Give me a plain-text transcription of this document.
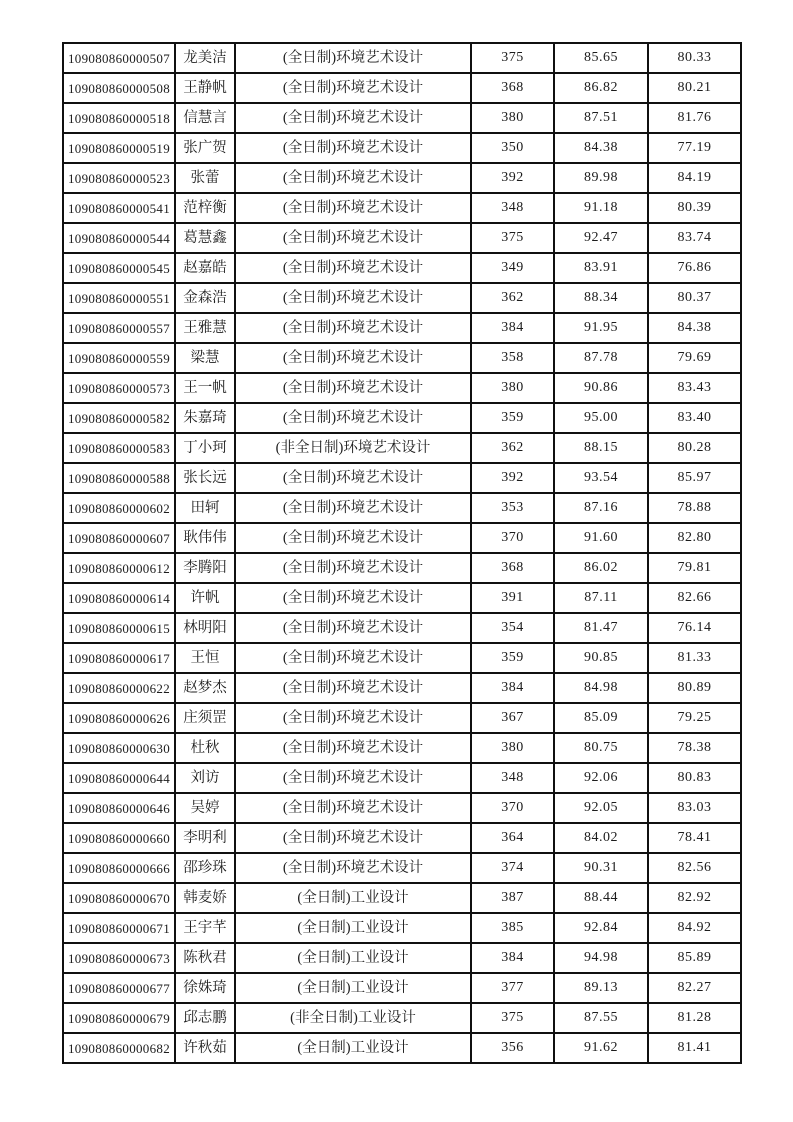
109080860000507	龙美洁	(全日制)环境艺术设计	375	85.65	80.33
109080860000508	王静帆	(全日制)环境艺术设计	368	86.82	80.21
109080860000518	信慧言	(全日制)环境艺术设计	380	87.51	81.76
109080860000519	张广贺	(全日制)环境艺术设计	350	84.38	77.19
109080860000523	张蕾	(全日制)环境艺术设计	392	89.98	84.19
109080860000541	范梓衡	(全日制)环境艺术设计	348	91.18	80.39
109080860000544	葛慧鑫	(全日制)环境艺术设计	375	92.47	83.74
109080860000545	赵嘉皓	(全日制)环境艺术设计	349	83.91	76.86
109080860000551	金森浩	(全日制)环境艺术设计	362	88.34	80.37
109080860000557	王雅慧	(全日制)环境艺术设计	384	91.95	84.38
109080860000559	梁慧	(全日制)环境艺术设计	358	87.78	79.69
109080860000573	王一帆	(全日制)环境艺术设计	380	90.86	83.43
109080860000582	朱嘉琦	(全日制)环境艺术设计	359	95.00	83.40
109080860000583	丁小珂	(非全日制)环境艺术设计	362	88.15	80.28
109080860000588	张长远	(全日制)环境艺术设计	392	93.54	85.97
109080860000602	田轲	(全日制)环境艺术设计	353	87.16	78.88
109080860000607	耿伟伟	(全日制)环境艺术设计	370	91.60	82.80
109080860000612	李腾阳	(全日制)环境艺术设计	368	86.02	79.81
109080860000614	许帆	(全日制)环境艺术设计	391	87.11	82.66
109080860000615	林明阳	(全日制)环境艺术设计	354	81.47	76.14
109080860000617	王恒	(全日制)环境艺术设计	359	90.85	81.33
109080860000622	赵梦杰	(全日制)环境艺术设计	384	84.98	80.89
109080860000626	庄须罡	(全日制)环境艺术设计	367	85.09	79.25
109080860000630	杜秋	(全日制)环境艺术设计	380	80.75	78.38
109080860000644	刘访	(全日制)环境艺术设计	348	92.06	80.83
109080860000646	吴婷	(全日制)环境艺术设计	370	92.05	83.03
109080860000660	李明利	(全日制)环境艺术设计	364	84.02	78.41
109080860000666	邵珍珠	(全日制)环境艺术设计	374	90.31	82.56
109080860000670	韩麦娇	(全日制)工业设计	387	88.44	82.92
109080860000671	王宇芊	(全日制)工业设计	385	92.84	84.92
109080860000673	陈秋君	(全日制)工业设计	384	94.98	85.89
109080860000677	徐姝琦	(全日制)工业设计	377	89.13	82.27
109080860000679	邱志鹏	(非全日制)工业设计	375	87.55	81.28
109080860000682	许秋茹	(全日制)工业设计	356	91.62	81.41
